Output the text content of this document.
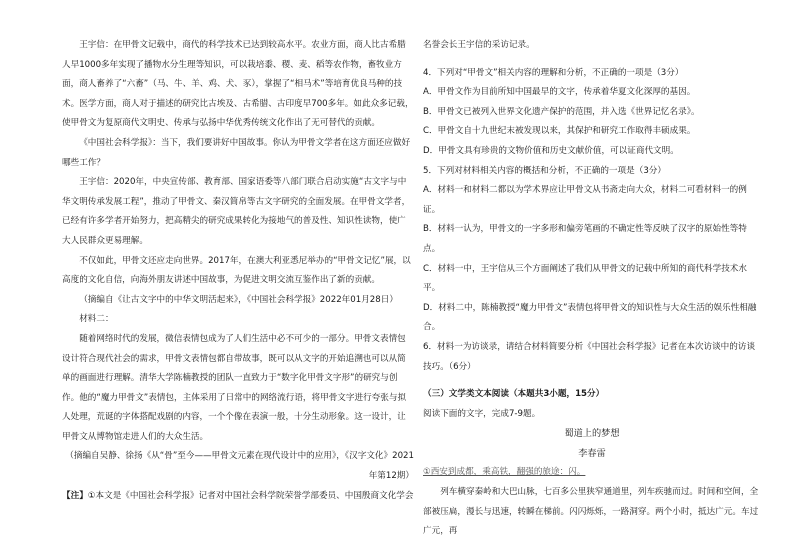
王宇信：在甲骨文记载中，商代的科学技术已达到较高水平。农业方面，商人比古希腊人早1000多年实现了播物水分生理等知识，可以栽培黍、稷、麦、稻等农作物，畜牧业方面，商人畜养了“六畜”（马、牛、羊、鸡、犬、豕），掌握了“相马术”等培育优良马种的技术。医学方面，商人对于描述的研究比古埃及、古希腊、古印度早700多年。如此众多记载，使甲骨文为复原商代文明史、传承与弘扬中华优秀传统文化作出了无可替代的贡献。

《中国社会科学报》：当下，我们要讲好中国故事。你认为甲骨文学者在这方面还应做好哪些工作？

王宇信：2020年，中央宣传部、教育部、国家语委等八部门联合启动实施“古文字与中华文明传承发展工程”，推动了甲骨文、秦汉简帛等古文字研究的全面发展。在甲骨文学者，已经有许多学者开始努力，把高精尖的研究成果转化为接地气的普及性、知识性读物，使广大人民群众更易理解。

不仅如此，甲骨文还应走向世界。2017年，在澳大利亚悉尼举办的“甲骨文记忆”展，以高度的文化自信，向海外朋友讲述中国故事，为促进文明交流互鉴作出了新的贡献。

（摘编自《让古文字中的中华文明活起来》，《中国社会科学报》2022年01月28日）

材料二：

随着网络时代的发展，微信表情包成为了人们生活中必不可少的一部分。甲骨文表情包设计符合现代社会的需求，甲骨文表情包都自带故事，既可以从文字的开始追溯也可以从简单的画面进行理解。清华大学陈楠教授的团队一直致力于“数字化甲骨文字形”的研究与创作。他的“魔力甲骨文”表情包，主体采用了日常中的网络流行语，将甲骨文字进行夸张与拟人处理，荒诞的字体搭配戏剧的内容，一个个像在表演一般，十分生动形象。这一设计，让甲骨文从博物馆走进人们的大众生活。

（摘编自吴静、徐扬《从“骨”至今——甲骨文元素在现代设计中的应用》，《汉字文化》2021年第12期）

【注】①本文是《中国社会科学报》记者对中国社会科学院荣誉学部委员、中国殷商文化学会

名誉会长王宇信的采访记录。

4．下列对“甲骨文”相关内容的理解和分析，不正确的一项是（3分）

A．甲骨文作为目前所知中国最早的文字，传承着华夏文化深厚的基因。

B．甲骨文已被列入世界文化遗产保护的范围，并入选《世界记忆名录》。

C．甲骨文自十九世纪末被发现以来，其保护和研究工作取得丰硕成果。

D．甲骨文具有珍贵的文物价值和历史文献价值，可以证商代文明。

5．下列对材料相关内容的概括和分析，不正确的一项是（3分）

A．材料一和材料二都以为学术界应让甲骨文从书斋走向大众，材料二可看材料一的例证。

B．材料一认为，甲骨文的一字多形和偏旁笔画的不确定性等反映了汉字的原始性等特点。

C．材料一中，王宇信从三个方面阐述了我们从甲骨文的记载中所知的商代科学技术水平。

D．材料二中，陈楠教授“魔力甲骨文”表情包将甲骨文的知识性与大众生活的娱乐性相融合。

6．材料一为访谈录，请结合材料简要分析《中国社会科学报》记者在本次访谈中的访谈技巧。（6分）

（三）文学类文本阅读（本题共3小题，15分）

阅读下面的文字，完成7-9题。

蜀道上的梦想

李春雷

①西安到成都，乘高铁，翻强的旅途：闪。

列车横穿秦岭和大巴山脉，七百多公里狭窄通道里，列车疾驰而过。时间和空间，全部被压扁，漫长与迅速，转瞬在梯前。闪闪烁烁，一路洞穿。两个小时，抵达广元。车过广元，再
